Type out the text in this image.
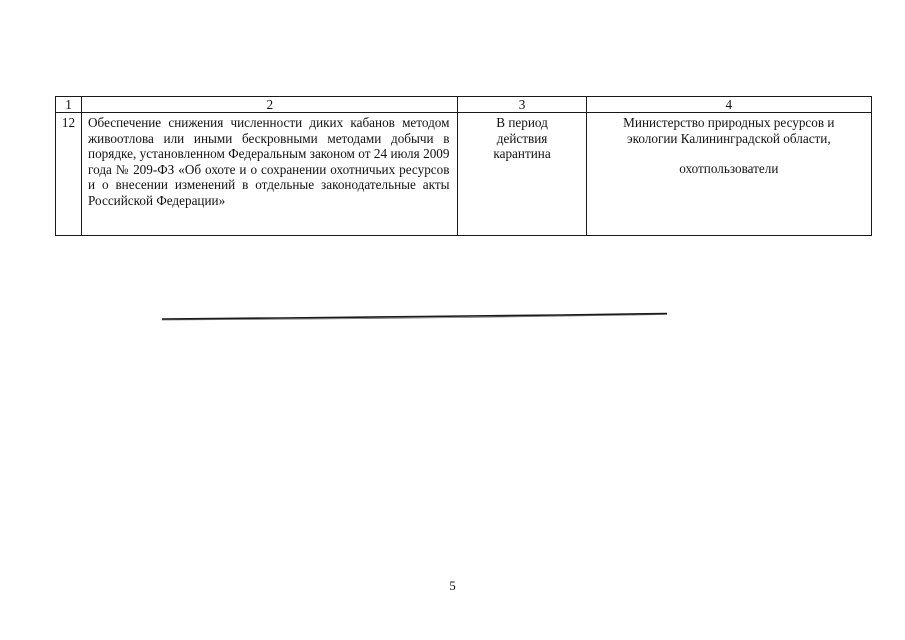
1	2	3	4
12	Обеспечение снижения численности диких кабанов методом живоотлова или иными бескровными методами добычи в порядке, установленном Федеральным законом от 24 июля 2009 года № 209-ФЗ «Об охоте и о сохранении охотничьих ресурсов и о внесении изменений в отдельные законодательные акты Российской Федерации»	В период действия карантина	Министерство природных ресурсов и экологии Калининградской области,
охотпользователи
5
